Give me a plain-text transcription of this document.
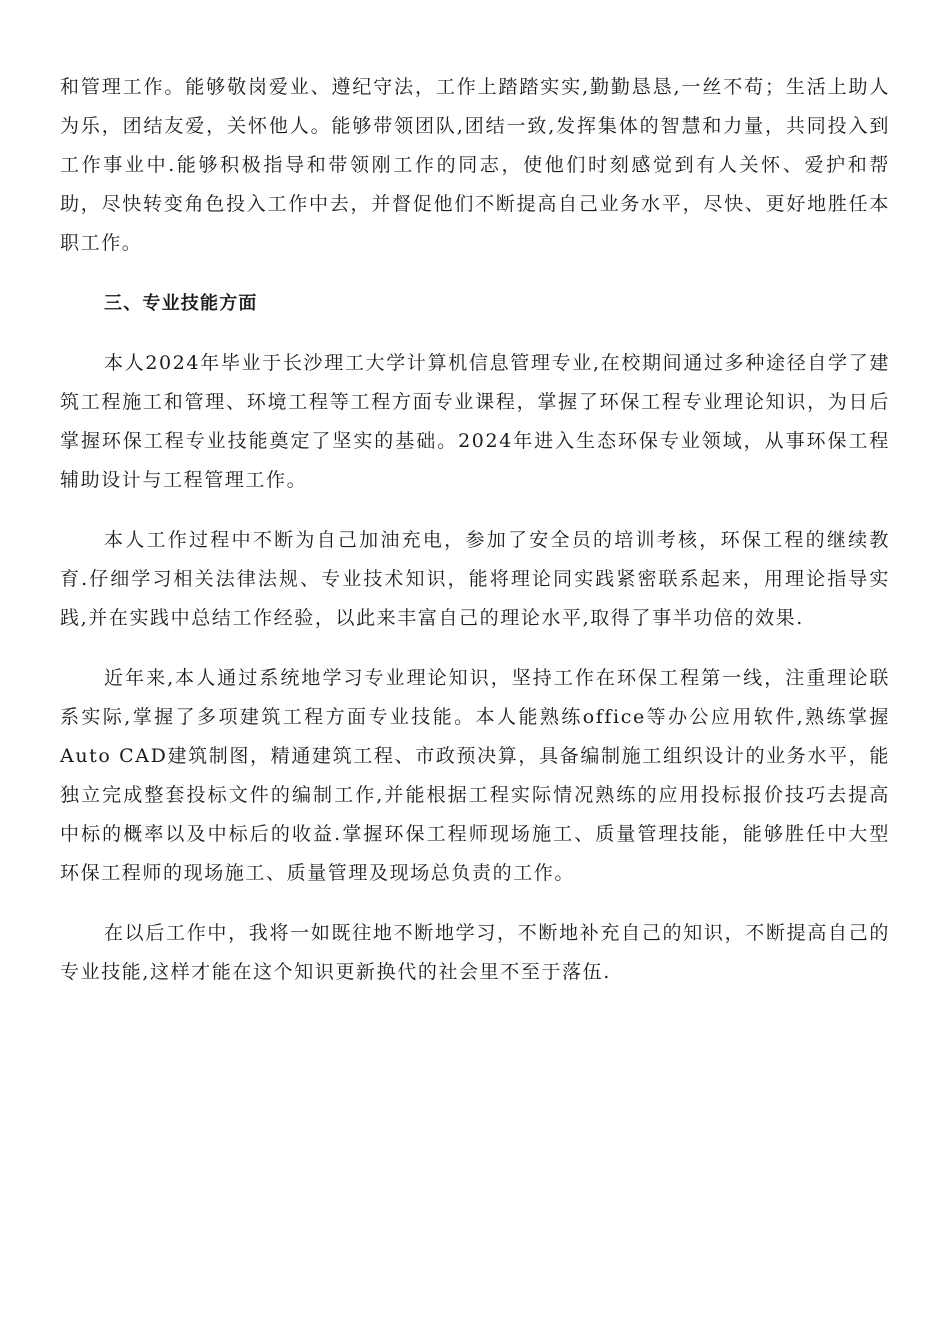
和管理工作。能够敬岗爱业、遵纪守法，工作上踏踏实实,勤勤恳恳,一丝不苟；生活上助人为乐，团结友爱，关怀他人。能够带领团队,团结一致,发挥集体的智慧和力量，共同投入到工作事业中.能够积极指导和带领刚工作的同志，使他们时刻感觉到有人关怀、爱护和帮助，尽快转变角色投入工作中去，并督促他们不断提高自己业务水平，尽快、更好地胜任本职工作。

三、专业技能方面

本人2024年毕业于长沙理工大学计算机信息管理专业,在校期间通过多种途径自学了建筑工程施工和管理、环境工程等工程方面专业课程，掌握了环保工程专业理论知识，为日后掌握环保工程专业技能奠定了坚实的基础。2024年进入生态环保专业领域，从事环保工程辅助设计与工程管理工作。

本人工作过程中不断为自己加油充电，参加了安全员的培训考核，环保工程的继续教育.仔细学习相关法律法规、专业技术知识，能将理论同实践紧密联系起来，用理论指导实践,并在实践中总结工作经验，以此来丰富自己的理论水平,取得了事半功倍的效果.

近年来,本人通过系统地学习专业理论知识，坚持工作在环保工程第一线，注重理论联系实际,掌握了多项建筑工程方面专业技能。本人能熟练office等办公应用软件,熟练掌握Auto CAD建筑制图，精通建筑工程、市政预决算，具备编制施工组织设计的业务水平，能独立完成整套投标文件的编制工作,并能根据工程实际情况熟练的应用投标报价技巧去提高中标的概率以及中标后的收益.掌握环保工程师现场施工、质量管理技能，能够胜任中大型环保工程师的现场施工、质量管理及现场总负责的工作。

在以后工作中，我将一如既往地不断地学习，不断地补充自己的知识，不断提高自己的专业技能,这样才能在这个知识更新换代的社会里不至于落伍.
